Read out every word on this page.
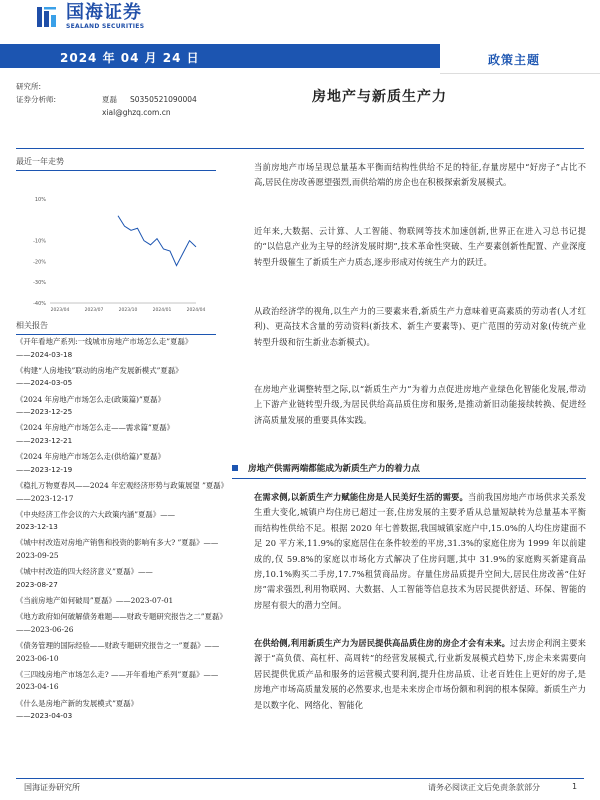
国海证券
SEALAND SECURITIES
2024 年 04 月 24 日	政策主题
研究所:
证券分析师:	夏磊	S0350521090004
xial@ghzq.com.cn
房地产与新质生产力
最近一年走势
10%
-10%
-20%
-30%
-40%
2023/04	2023/07	2023/10	2024/01	2024/04
相关报告
《开年看地产系列:一线城市房地产市场怎么走”夏磊》
——2024-03-18
《构建“人房地钱”联动的房地产发展新模式”夏磊》
——2024-03-05
《2024 年房地产市场怎么走(政策篇)”夏磊》
——2023-12-25
《2024 年房地产市场怎么走——需求篇”夏磊》
——2023-12-21
《2024 年房地产市场怎么走(供给篇)”夏磊》
——2023-12-19
《稳扎万物夏春风——2024 年宏观经济形势与政策展望 ”夏磊》——2023-12-17
《中央经济工作会议的六大政策内涵”夏磊》——
2023-12-13
《城中村改造对房地产销售和投资的影响有多大? ”夏磊》——2023-09-25
《城中村改造的四大经济意义”夏磊》——
2023-08-27
《当前房地产如何破局”夏磊》——2023-07-01
《地方政府如何破解债务难题——财政专题研究报告之二”夏磊》——2023-06-26
《债务管理的国际经验——财政专题研究报告之一”夏磊》——2023-06-10
《三四线房地产市场怎么走? ——开年看地产系列”夏磊》——2023-04-16
《什么是房地产新的发展模式”夏磊》
——2023-04-03
当前房地产市场呈现总量基本平衡而结构性供给不足的特征,存量房屋中“好房子”占比不高,居民住房改善愿望强烈,而供给端的房企也在积极探索新发展模式。
近年来,大数据、云计算、人工智能、物联网等技术加速创新,世界正在进入习总书记提的“以信息产业为主导的经济发展时期”,技术革命性突破、生产要素创新性配置、产业深度转型升级催生了新质生产力质态,逐步形成对传统生产力的跃迁。
从政治经济学的视角,以生产力的三要素来看,新质生产力意味着更高素质的劳动者(人才红利)、更高技术含量的劳动资料(新技术、新生产要素等)、更广范围的劳动对象(传统产业转型升级和衍生新业态新模式)。
在房地产业调整转型之际,以“新质生产力”为着力点促进房地产业绿色化智能化发展,带动上下游产业链转型升级,为居民供给高品质住房和服务,是推动新旧动能接续转换、促进经济高质量发展的重要具体实践。
房地产供需两端都能成为新质生产力的着力点
在需求侧,以新质生产力赋能住房是人民美好生活的需要。当前我国房地产市场供求关系发生重大变化,城镇户均住房已超过一套,住房发展的主要矛盾从总量短缺转为总量基本平衡而结构性供给不足。根据 2020 年七普数据,我国城镇家庭户中,15.0%的人均住房建面不足 20 平方米,11.9%的家庭居住在条件较差的平房,31.3%的家庭住房为 1999 年以前建成的,仅 59.8%的家庭以市场化方式解决了住房问题,其中 31.9%的家庭购买新建商品房,10.1%购买二手房,17.7%租赁商品房。存量住房品质提升空间大,居民住房改善“住好房”需求强烈,利用物联网、大数据、人工智能等信息技术为居民提供舒适、环保、智能的房屋有很大的潜力空间。
在供给侧,利用新质生产力为居民提供高品质住房的房企才会有未来。过去房企利润主要来源于“高负债、高杠杆、高周转”的经营发展模式,行业新发展模式趋势下,房企未来需要向居民提供优质产品和服务的运营模式要利润,提升住房品质、让老百姓住上更好的房子,是房地产市场高质量发展的必然要求,也是未来房企市场份额和利润的根本保障。新质生产力是以数字化、网络化、智能化
国海证券研究所	请务必阅读正文后免责条款部分	1
